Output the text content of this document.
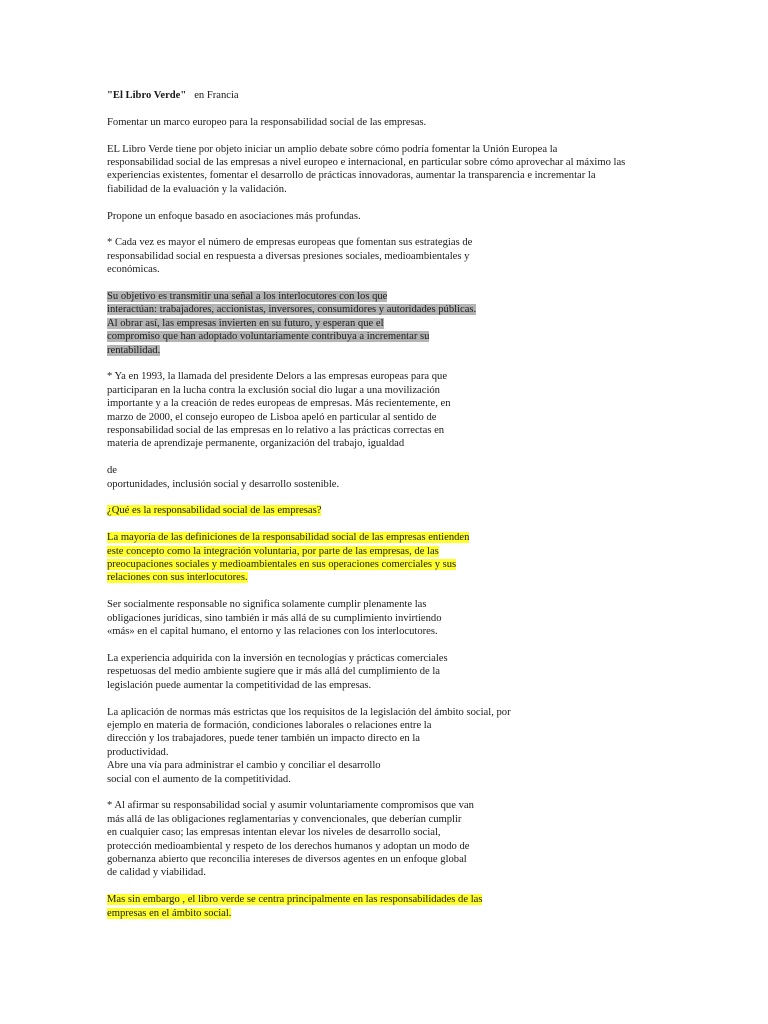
"El Libro Verde" en Francia
Fomentar un marco europeo para la responsabilidad social de las empresas.
EL Libro Verde tiene por objeto iniciar un amplio debate sobre cómo podría fomentar la Unión Europea la
responsabilidad social de las empresas a nivel europeo e internacional, en particular sobre cómo aprovechar al máximo las
experiencias existentes, fomentar el desarrollo de prácticas innovadoras, aumentar la transparencia e incrementar la
fiabilidad de la evaluación y la validación.
Propone un enfoque basado en asociaciones más profundas.
* Cada vez es mayor el número de empresas europeas que fomentan sus estrategias de
responsabilidad social en respuesta a diversas presiones sociales, medioambientales y
económicas.
Su objetivo es transmitir una señal a los interlocutores con los que
interactúan: trabajadores, accionistas, inversores, consumidores y autoridades públicas.
Al obrar así, las empresas invierten en su futuro, y esperan que el
compromiso que han adoptado voluntariamente contribuya a incrementar su
rentabilidad.
* Ya en 1993, la llamada del presidente Delors a las empresas europeas para que
participaran en la lucha contra la exclusión social dio lugar a una movilización
importante y a la creación de redes europeas de empresas. Más recientemente, en
marzo de 2000, el consejo europeo de Lisboa apeló en particular al sentido de
responsabilidad social de las empresas en lo relativo a las prácticas correctas en
materia de aprendizaje permanente, organización del trabajo, igualdad
de
oportunidades, inclusión social y desarrollo sostenible.
¿Qué es la responsabilidad social de las empresas?
La mayoría de las definiciones de la responsabilidad social de las empresas entienden
este concepto como la integración voluntaria, por parte de las empresas, de las
preocupaciones sociales y medioambientales en sus operaciones comerciales y sus
relaciones con sus interlocutores.
Ser socialmente responsable no significa solamente cumplir plenamente las
obligaciones jurídicas, sino también ir más allá de su cumplimiento invirtiendo
«más» en el capital humano, el entorno y las relaciones con los interlocutores.
La experiencia adquirida con la inversión en tecnologías y prácticas comerciales
respetuosas del medio ambiente sugiere que ir más allá del cumplimiento de la
legislación puede aumentar la competitividad de las empresas.
La aplicación de normas más estrictas que los requisitos de la legislación del ámbito social, por
ejemplo en materia de formación, condiciones laborales o relaciones entre la
dirección y los trabajadores, puede tener también un impacto directo en la
productividad.
Abre una vía para administrar el cambio y conciliar el desarrollo
social con el aumento de la competitividad.
* Al afirmar su responsabilidad social y asumir voluntariamente compromisos que van
más allá de las obligaciones reglamentarias y convencionales, que deberían cumplir
en cualquier caso; las empresas intentan elevar los niveles de desarrollo social,
protección medioambiental y respeto de los derechos humanos y adoptan un modo de
gobernanza abierto que reconcilia intereses de diversos agentes en un enfoque global
de calidad y viabilidad.
Mas sin embargo , el libro verde se centra principalmente en las responsabilidades de las
empresas en el ámbito social.
